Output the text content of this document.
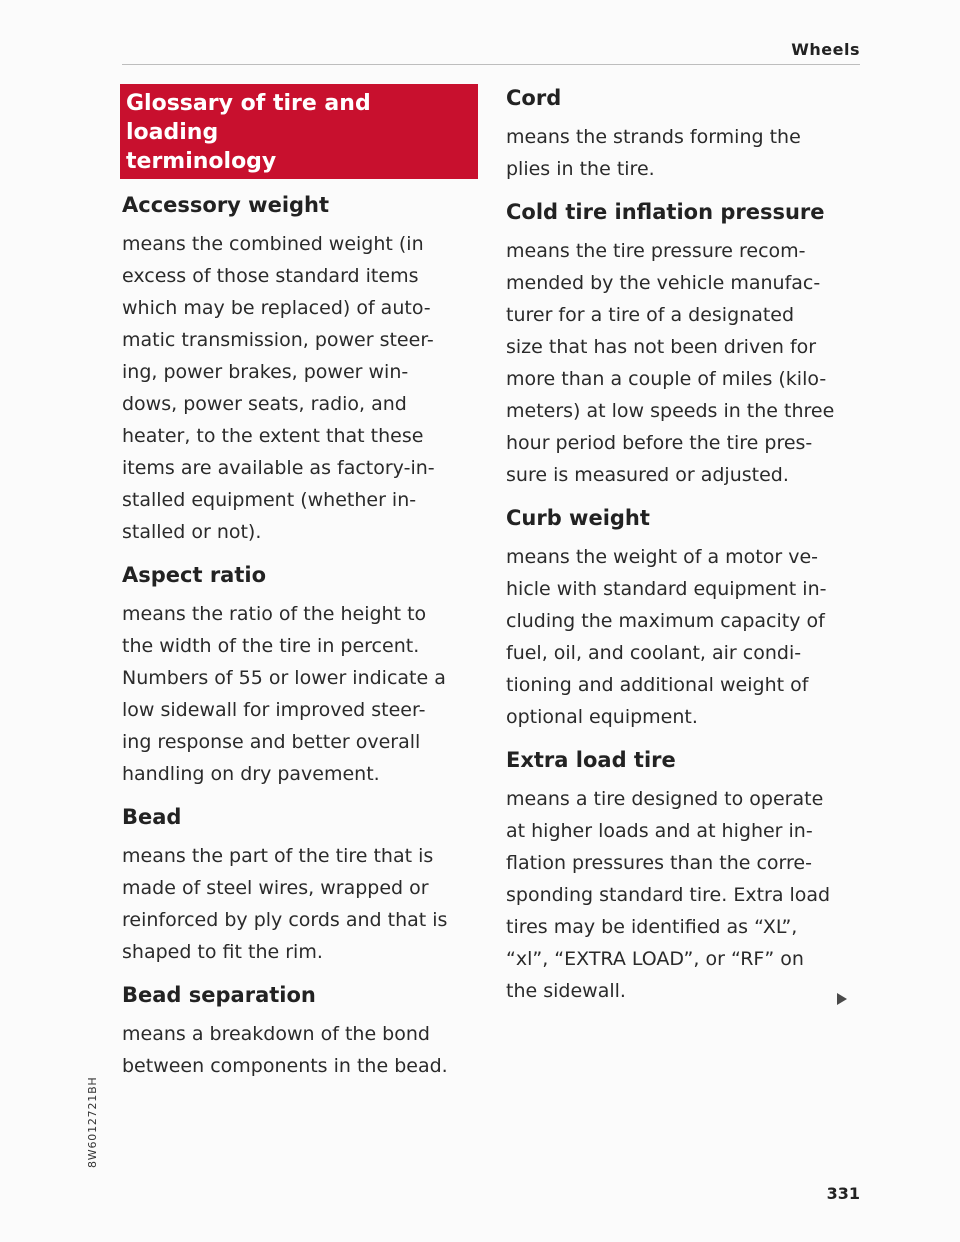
Wheels
Glossary of tire and loading
terminology
Accessory weight
means the combined weight (in
excess of those standard items
which may be replaced) of auto-
matic transmission, power steer-
ing, power brakes, power win-
dows, power seats, radio, and
heater, to the extent that these
items are available as factory-in-
stalled equipment (whether in-
stalled or not).
Aspect ratio
means the ratio of the height to
the width of the tire in percent.
Numbers of 55 or lower indicate a
low sidewall for improved steer-
ing response and better overall
handling on dry pavement.
Bead
means the part of the tire that is
made of steel wires, wrapped or
reinforced by ply cords and that is
shaped to fit the rim.
Bead separation
means a breakdown of the bond
between components in the bead.
Cord
means the strands forming the
plies in the tire.
Cold tire inflation pressure
means the tire pressure recom-
mended by the vehicle manufac-
turer for a tire of a designated
size that has not been driven for
more than a couple of miles (kilo-
meters) at low speeds in the three
hour period before the tire pres-
sure is measured or adjusted.
Curb weight
means the weight of a motor ve-
hicle with standard equipment in-
cluding the maximum capacity of
fuel, oil, and coolant, air condi-
tioning and additional weight of
optional equipment.
Extra load tire
means a tire designed to operate
at higher loads and at higher in-
flation pressures than the corre-
sponding standard tire. Extra load
tires may be identified as “XL”,
“xl”, “EXTRA LOAD”, or “RF” on
the sidewall.
8W6012721BH
331
